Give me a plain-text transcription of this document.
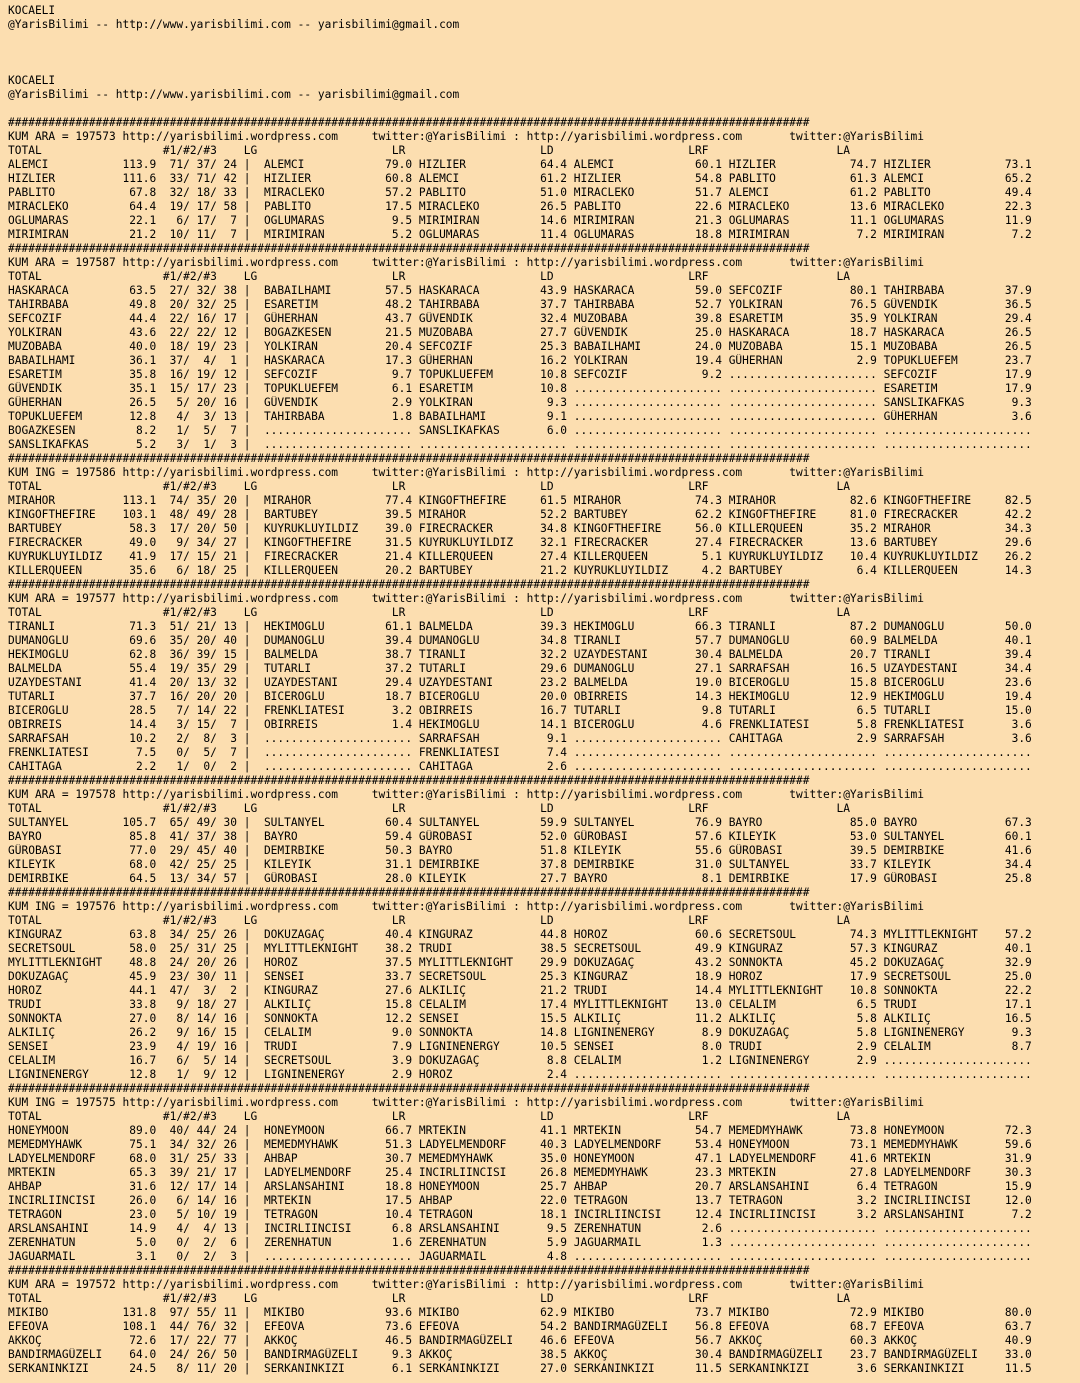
KOCAELI
@YarisBilimi -- http://www.yarisbilimi.com -- yarisbilimi@gmail.com

KOCAELI
@YarisBilimi -- http://www.yarisbilimi.com -- yarisbilimi@gmail.com

#######################################################################################################################
KUM ARA = 197573 http://yarisbilimi.wordpress.com     twitter:@YarisBilimi : http://yarisbilimi.wordpress.com       twitter:@YarisBilimi
TOTAL                  #1/#2/#3    LG                    LR                    LD                    LRF                   LA
ALEMCI           113.9  71/ 37/ 24 |  ALEMCI            79.0 HIZLIER           64.4 ALEMCI            60.1 HIZLIER           74.7 HIZLIER           73.1
HIZLIER          111.6  33/ 71/ 42 |  HIZLIER           60.8 ALEMCI            61.2 HIZLIER           54.8 PABLITO           61.3 ALEMCI            65.2
PABLITO           67.8  32/ 18/ 33 |  MIRACLEKO         57.2 PABLITO           51.0 MIRACLEKO         51.7 ALEMCI            61.2 PABLITO           49.4
MIRACLEKO         64.4  19/ 17/ 58 |  PABLITO           17.5 MIRACLEKO         26.5 PABLITO           22.6 MIRACLEKO         13.6 MIRACLEKO         22.3
OGLUMARAS         22.1   6/ 17/  7 |  OGLUMARAS          9.5 MIRIMIRAN         14.6 MIRIMIRAN         21.3 OGLUMARAS         11.1 OGLUMARAS         11.9
MIRIMIRAN         21.2  10/ 11/  7 |  MIRIMIRAN          5.2 OGLUMARAS         11.4 OGLUMARAS         18.8 MIRIMIRAN          7.2 MIRIMIRAN          7.2
#######################################################################################################################
KUM ARA = 197587 http://yarisbilimi.wordpress.com     twitter:@YarisBilimi : http://yarisbilimi.wordpress.com       twitter:@YarisBilimi
TOTAL                  #1/#2/#3    LG                    LR                    LD                    LRF                   LA
HASKARACA         63.5  27/ 32/ 38 |  BABAILHAMI        57.5 HASKARACA         43.9 HASKARACA         59.0 SEFCOZIF          80.1 TAHIRBABA         37.9
TAHIRBABA         49.8  20/ 32/ 25 |  ESARETIM          48.2 TAHIRBABA         37.7 TAHIRBABA         52.7 YOLKIRAN          76.5 GÜVENDIK          36.5
SEFCOZIF          44.4  22/ 16/ 17 |  GÜHERHAN          43.7 GÜVENDIK          32.4 MUZOBABA          39.8 ESARETIM          35.9 YOLKIRAN          29.4
YOLKIRAN          43.6  22/ 22/ 12 |  BOGAZKESEN        21.5 MUZOBABA          27.7 GÜVENDIK          25.0 HASKARACA         18.7 HASKARACA         26.5
MUZOBABA          40.0  18/ 19/ 23 |  YOLKIRAN          20.4 SEFCOZIF          25.3 BABAILHAMI        24.0 MUZOBABA          15.1 MUZOBABA          26.5
BABAILHAMI        36.1  37/  4/  1 |  HASKARACA         17.3 GÜHERHAN          16.2 YOLKIRAN          19.4 GÜHERHAN           2.9 TOPUKLUEFEM       23.7
ESARETIM          35.8  16/ 19/ 12 |  SEFCOZIF           9.7 TOPUKLUEFEM       10.8 SEFCOZIF           9.2 ...................... SEFCOZIF          17.9
GÜVENDIK          35.1  15/ 17/ 23 |  TOPUKLUEFEM        6.1 ESARETIM          10.8 ...................... ...................... ESARETIM          17.9
GÜHERHAN          26.5   5/ 20/ 16 |  GÜVENDIK           2.9 YOLKIRAN           9.3 ...................... ...................... SANSLIKAFKAS       9.3
TOPUKLUEFEM       12.8   4/  3/ 13 |  TAHIRBABA          1.8 BABAILHAMI         9.1 ...................... ...................... GÜHERHAN           3.6
BOGAZKESEN         8.2   1/  5/  7 |  ...................... SANSLIKAFKAS       6.0 ...................... ...................... ......................
SANSLIKAFKAS       5.2   3/  1/  3 |  ...................... ...................... ...................... ...................... ......................
#######################################################################################################################
KUM ING = 197586 http://yarisbilimi.wordpress.com     twitter:@YarisBilimi : http://yarisbilimi.wordpress.com       twitter:@YarisBilimi
TOTAL                  #1/#2/#3    LG                    LR                    LD                    LRF                   LA
MIRAHOR          113.1  74/ 35/ 20 |  MIRAHOR           77.4 KINGOFTHEFIRE     61.5 MIRAHOR           74.3 MIRAHOR           82.6 KINGOFTHEFIRE     82.5
KINGOFTHEFIRE    103.1  48/ 49/ 28 |  BARTUBEY          39.5 MIRAHOR           52.2 BARTUBEY          62.2 KINGOFTHEFIRE     81.0 FIRECRACKER       42.2
BARTUBEY          58.3  17/ 20/ 50 |  KUYRUKLUYILDIZ    39.0 FIRECRACKER       34.8 KINGOFTHEFIRE     56.0 KILLERQUEEN       35.2 MIRAHOR           34.3
FIRECRACKER       49.0   9/ 34/ 27 |  KINGOFTHEFIRE     31.5 KUYRUKLUYILDIZ    32.1 FIRECRACKER       27.4 FIRECRACKER       13.6 BARTUBEY          29.6
KUYRUKLUYILDIZ    41.9  17/ 15/ 21 |  FIRECRACKER       21.4 KILLERQUEEN       27.4 KILLERQUEEN        5.1 KUYRUKLUYILDIZ    10.4 KUYRUKLUYILDIZ    26.2
KILLERQUEEN       35.6   6/ 18/ 25 |  KILLERQUEEN       20.2 BARTUBEY          21.2 KUYRUKLUYILDIZ     4.2 BARTUBEY           6.4 KILLERQUEEN       14.3
#######################################################################################################################
KUM ARA = 197577 http://yarisbilimi.wordpress.com     twitter:@YarisBilimi : http://yarisbilimi.wordpress.com       twitter:@YarisBilimi
TOTAL                  #1/#2/#3    LG                    LR                    LD                    LRF                   LA
TIRANLI           71.3  51/ 21/ 13 |  HEKIMOGLU         61.1 BALMELDA          39.3 HEKIMOGLU         66.3 TIRANLI           87.2 DUMANOGLU         50.0
DUMANOGLU         69.6  35/ 20/ 40 |  DUMANOGLU         39.4 DUMANOGLU         34.8 TIRANLI           57.7 DUMANOGLU         60.9 BALMELDA          40.1
HEKIMOGLU         62.8  36/ 39/ 15 |  BALMELDA          38.7 TIRANLI           32.2 UZAYDESTANI       30.4 BALMELDA          20.7 TIRANLI           39.4
BALMELDA          55.4  19/ 35/ 29 |  TUTARLI           37.2 TUTARLI           29.6 DUMANOGLU         27.1 SARRAFSAH         16.5 UZAYDESTANI       34.4
UZAYDESTANI       41.4  20/ 13/ 32 |  UZAYDESTANI       29.4 UZAYDESTANI       23.2 BALMELDA          19.0 BICEROGLU         15.8 BICEROGLU         23.6
TUTARLI           37.7  16/ 20/ 20 |  BICEROGLU         18.7 BICEROGLU         20.0 OBIRREIS          14.3 HEKIMOGLU         12.9 HEKIMOGLU         19.4
BICEROGLU         28.5   7/ 14/ 22 |  FRENKLIATESI       3.2 OBIRREIS          16.7 TUTARLI            9.8 TUTARLI            6.5 TUTARLI           15.0
OBIRREIS          14.4   3/ 15/  7 |  OBIRREIS           1.4 HEKIMOGLU         14.1 BICEROGLU          4.6 FRENKLIATESI       5.8 FRENKLIATESI       3.6
SARRAFSAH         10.2   2/  8/  3 |  ...................... SARRAFSAH          9.1 ...................... CAHITAGA           2.9 SARRAFSAH          3.6
FRENKLIATESI       7.5   0/  5/  7 |  ...................... FRENKLIATESI       7.4 ...................... ...................... ......................
CAHITAGA           2.2   1/  0/  2 |  ...................... CAHITAGA           2.6 ...................... ...................... ......................
#######################################################################################################################
KUM ARA = 197578 http://yarisbilimi.wordpress.com     twitter:@YarisBilimi : http://yarisbilimi.wordpress.com       twitter:@YarisBilimi
TOTAL                  #1/#2/#3    LG                    LR                    LD                    LRF                   LA
SULTANYEL        105.7  65/ 49/ 30 |  SULTANYEL         60.4 SULTANYEL         59.9 SULTANYEL         76.9 BAYRO             85.0 BAYRO             67.3
BAYRO             85.8  41/ 37/ 38 |  BAYRO             59.4 GÜROBASI          52.0 GÜROBASI          57.6 KILEYIK           53.0 SULTANYEL         60.1
GÜROBASI          77.0  29/ 45/ 40 |  DEMIRBIKE         50.3 BAYRO             51.8 KILEYIK           55.6 GÜROBASI          39.5 DEMIRBIKE         41.6
KILEYIK           68.0  42/ 25/ 25 |  KILEYIK           31.1 DEMIRBIKE         37.8 DEMIRBIKE         31.0 SULTANYEL         33.7 KILEYIK           34.4
DEMIRBIKE         64.5  13/ 34/ 57 |  GÜROBASI          28.0 KILEYIK           27.7 BAYRO              8.1 DEMIRBIKE         17.9 GÜROBASI          25.8
#######################################################################################################################
KUM ING = 197576 http://yarisbilimi.wordpress.com     twitter:@YarisBilimi : http://yarisbilimi.wordpress.com       twitter:@YarisBilimi
TOTAL                  #1/#2/#3    LG                    LR                    LD                    LRF                   LA
KINGURAZ          63.8  34/ 25/ 26 |  DOKUZAGAÇ         40.4 KINGURAZ          44.8 HOROZ             60.6 SECRETSOUL        74.3 MYLITTLEKNIGHT    57.2
SECRETSOUL        58.0  25/ 31/ 25 |  MYLITTLEKNIGHT    38.2 TRUDI             38.5 SECRETSOUL        49.9 KINGURAZ          57.3 KINGURAZ          40.1
MYLITTLEKNIGHT    48.8  24/ 20/ 26 |  HOROZ             37.5 MYLITTLEKNIGHT    29.9 DOKUZAGAÇ         43.2 SONNOKTA          45.2 DOKUZAGAÇ         32.9
DOKUZAGAÇ         45.9  23/ 30/ 11 |  SENSEI            33.7 SECRETSOUL        25.3 KINGURAZ          18.9 HOROZ             17.9 SECRETSOUL        25.0
HOROZ             44.1  47/  3/  2 |  KINGURAZ          27.6 ALKILIÇ           21.2 TRUDI             14.4 MYLITTLEKNIGHT    10.8 SONNOKTA          22.2
TRUDI             33.8   9/ 18/ 27 |  ALKILIÇ           15.8 CELALIM           17.4 MYLITTLEKNIGHT    13.0 CELALIM            6.5 TRUDI             17.1
SONNOKTA          27.0   8/ 14/ 16 |  SONNOKTA          12.2 SENSEI            15.5 ALKILIÇ           11.2 ALKILIÇ            5.8 ALKILIÇ           16.5
ALKILIÇ           26.2   9/ 16/ 15 |  CELALIM            9.0 SONNOKTA          14.8 LIGNINENERGY       8.9 DOKUZAGAÇ          5.8 LIGNINENERGY       9.3
SENSEI            23.9   4/ 19/ 16 |  TRUDI              7.9 LIGNINENERGY      10.5 SENSEI             8.0 TRUDI              2.9 CELALIM            8.7
CELALIM           16.7   6/  5/ 14 |  SECRETSOUL         3.9 DOKUZAGAÇ          8.8 CELALIM            1.2 LIGNINENERGY       2.9 ......................
LIGNINENERGY      12.8   1/  9/ 12 |  LIGNINENERGY       2.9 HOROZ              2.4 ...................... ...................... ......................
#######################################################################################################################
KUM ING = 197575 http://yarisbilimi.wordpress.com     twitter:@YarisBilimi : http://yarisbilimi.wordpress.com       twitter:@YarisBilimi
TOTAL                  #1/#2/#3    LG                    LR                    LD                    LRF                   LA
HONEYMOON         89.0  40/ 44/ 24 |  HONEYMOON         66.7 MRTEKIN           41.1 MRTEKIN           54.7 MEMEDMYHAWK       73.8 HONEYMOON         72.3
MEMEDMYHAWK       75.1  34/ 32/ 26 |  MEMEDMYHAWK       51.3 LADYELMENDORF     40.3 LADYELMENDORF     53.4 HONEYMOON         73.1 MEMEDMYHAWK       59.6
LADYELMENDORF     68.0  31/ 25/ 33 |  AHBAP             30.7 MEMEDMYHAWK       35.0 HONEYMOON         47.1 LADYELMENDORF     41.6 MRTEKIN           31.9
MRTEKIN           65.3  39/ 21/ 17 |  LADYELMENDORF     25.4 INCIRLIINCISI     26.8 MEMEDMYHAWK       23.3 MRTEKIN           27.8 LADYELMENDORF     30.3
AHBAP             31.6  12/ 17/ 14 |  ARSLANSAHINI      18.8 HONEYMOON         25.7 AHBAP             20.7 ARSLANSAHINI       6.4 TETRAGON          15.9
INCIRLIINCISI     26.0   6/ 14/ 16 |  MRTEKIN           17.5 AHBAP             22.0 TETRAGON          13.7 TETRAGON           3.2 INCIRLIINCISI     12.0
TETRAGON          23.0   5/ 10/ 19 |  TETRAGON          10.4 TETRAGON          18.1 INCIRLIINCISI     12.4 INCIRLIINCISI      3.2 ARSLANSAHINI       7.2
ARSLANSAHINI      14.9   4/  4/ 13 |  INCIRLIINCISI      6.8 ARSLANSAHINI       9.5 ZERENHATUN         2.6 ...................... ......................
ZERENHATUN         5.0   0/  2/  6 |  ZERENHATUN         1.6 ZERENHATUN         5.9 JAGUARMAIL         1.3 ...................... ......................
JAGUARMAIL         3.1   0/  2/  3 |  ...................... JAGUARMAIL         4.8 ...................... ...................... ......................
#######################################################################################################################
KUM ARA = 197572 http://yarisbilimi.wordpress.com     twitter:@YarisBilimi : http://yarisbilimi.wordpress.com       twitter:@YarisBilimi
TOTAL                  #1/#2/#3    LG                    LR                    LD                    LRF                   LA
MIKIBO           131.8  97/ 55/ 11 |  MIKIBO            93.6 MIKIBO            62.9 MIKIBO            73.7 MIKIBO            72.9 MIKIBO            80.0
EFEOVA           108.1  44/ 76/ 32 |  EFEOVA            73.6 EFEOVA            54.2 BANDIRMAGÜZELI    56.8 EFEOVA            68.7 EFEOVA            63.7
AKKOÇ             72.6  17/ 22/ 77 |  AKKOÇ             46.5 BANDIRMAGÜZELI    46.6 EFEOVA            56.7 AKKOÇ             60.3 AKKOÇ             40.9
BANDIRMAGÜZELI    64.0  24/ 26/ 50 |  BANDIRMAGÜZELI     9.3 AKKOÇ             38.5 AKKOÇ             30.4 BANDIRMAGÜZELI    23.7 BANDIRMAGÜZELI    33.0
SERKANINKIZI      24.5   8/ 11/ 20 |  SERKANINKIZI       6.1 SERKANINKIZI      27.0 SERKANINKIZI      11.5 SERKANINKIZI       3.6 SERKANINKIZI      11.5
